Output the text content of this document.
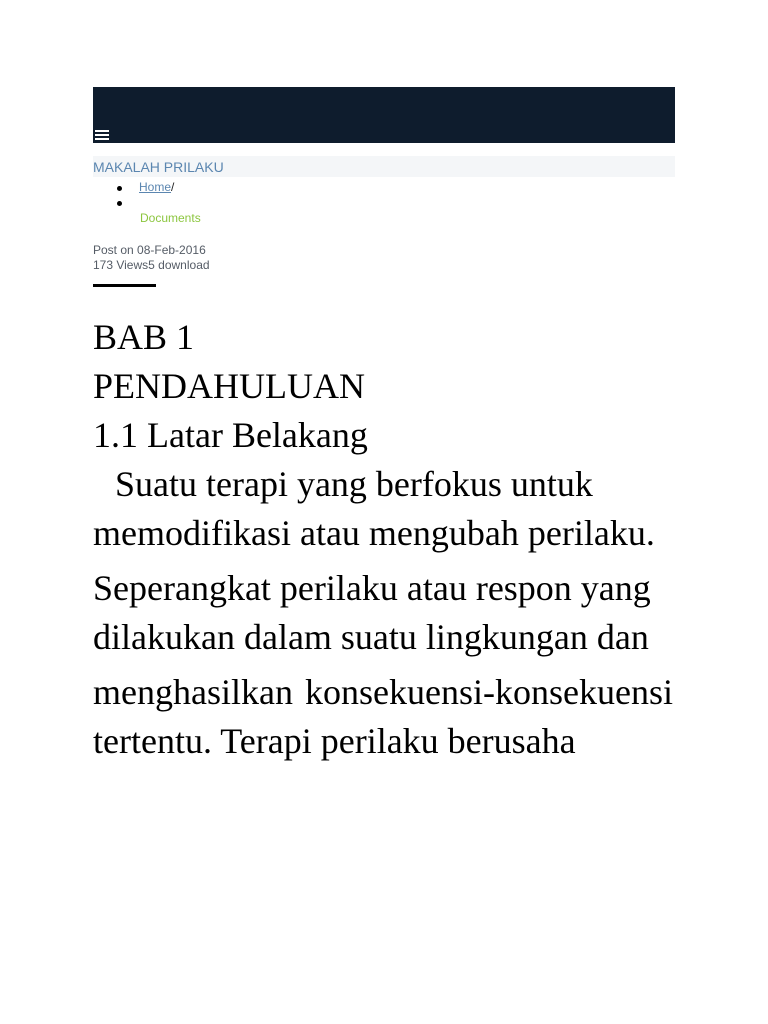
MAKALAH PRILAKU
Home/
Documents
Post on 08-Feb-2016
173 Views5 download

BAB 1

PENDAHULUAN

1.1 Latar Belakang

Suatu terapi yang berfokus untuk memodifikasi atau mengubah perilaku.

Seperangkat perilaku atau respon yang dilakukan dalam suatu lingkungan dan

menghasilkan konsekuensi-konsekuensi tertentu. Terapi perilaku berusaha
